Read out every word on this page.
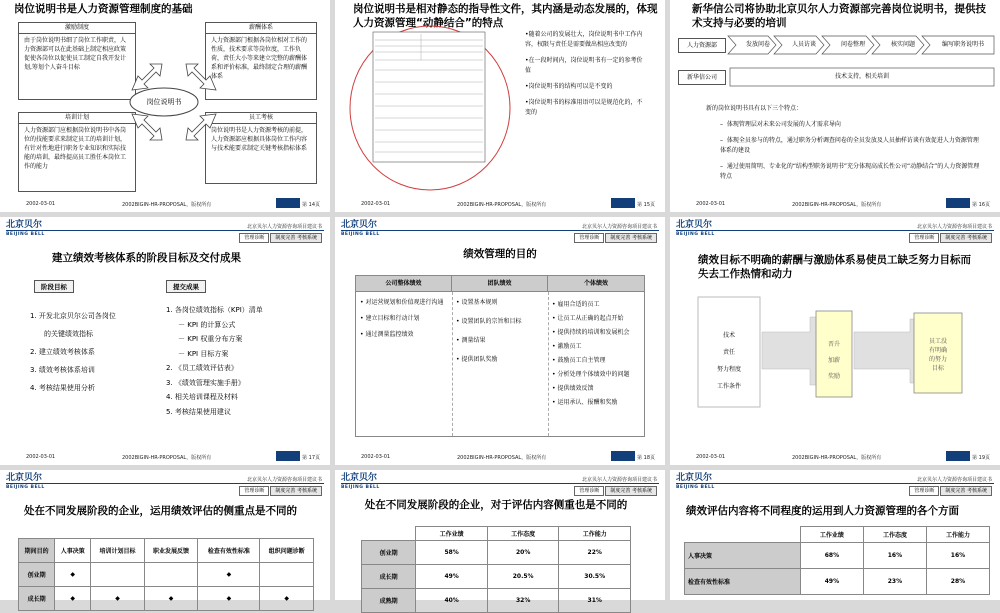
岗位说明书是人力资源管理制度的基础
激励制度
由于岗位说明书细了岗位工作职责，人力资源部可以在此基础上制定相应政策促使各岗位以促使员工制定自我开发计划,筹划个人奋斗目标
薪酬体系
人力资源部门根据各岗位相对工作的性质，技术要求等岗位度，工作负荷，责任大小等来建立完整的薪酬体系和评价标准，最终制定合理的薪酬体系
培训计划
人力资源部门应根据岗位说明书中各岗位的技能要求来制定员工的培训计划，有针对性地进行职务专业知识和实际技能的培训，最终提高员工胜任本岗位工作的能力
员工考核
岗位说明书是人力资源考核的前提，人力资源部应根据具体岗位工作内容与技术能要求制定关键考核指标体系
岗位说明书
2002-03-01	2002BIGIN-HR-PROPOSAL，版权所有	第 14页
岗位说明书是相对静态的指导性文件，其内涵是动态发展的，体现人力资源管理“动静结合”的特点
•随着公司的发展壮大，岗位说明书中工作内容，权限与责任是需要做出相应改变的
•在一段时间内，岗位说明书有一定的参考价值
•岗位说明书的结构可以是不变的
•岗位说明书的标准用语可以是规范化的，不变的
2002-03-01	2002BIGIN-HR-PROPOSAL，版权所有	第 15页
新华信公司将协助北京贝尔人力资源部完善岗位说明书，提供技术支持与必要的培训
人力资源部
新华信公司
发放问卷	人员访谈	问卷整理	核实问题	编写职务说明书
技术支持，相关培训
新的岗位说明书具有以下三个特点：
–  体现管理层对未来公司发展的人才需求导向
–  体现全员参与的特点，通过职务分析调查问卷的全员发放及人员抽样访谈有效促进人力资源管理体系的建设
–  通过使用简明、专业化的“结构型职务说明书”充分体现高成长性公司“动静结合”的人力资源管理特点
2002-03-01	2002BIGIN-HR-PROPOSAL，版权所有	第 16页
北京贝尔
BEIJING BELL
北京贝尔人力资源咨询项目建议书
管理诊断	制度完善 考核系统
建立绩效考核体系的阶段目标及交付成果
阶段目标	提交成果
1. 开发北京贝尔公司各岗位
的关键绩效指标
2. 建立绩效考核体系
3. 绩效考核体系培训
4. 考核结果使用分析
1. 各岗位绩效指标（KPI）清单
－ KPI 的计算公式
－ KPI 权重分布方案
－ KPI 目标方案
2. 《员工绩效评估表》
3. 《绩效管理实施手册》
4. 相关培训课程及材料
5. 考核结果使用建议
2002-03-01	2002BIGIN-HR-PROPOSAL，版权所有	第 17页
北京贝尔
BEIJING BELL
北京贝尔人力资源咨询项目建议书
管理诊断	制度完善 考核系统
绩效管理的目的
公司整体绩效	团队绩效	个体绩效
• 对运营规划和价值观进行沟通
• 建立目标和行动计划
• 通过测量监控绩效
• 设置基本规则
• 设置团队的宗旨和目标
• 测量结果
• 提供团队奖励
• 雇用合适的员工
• 让员工从正确的起点开始
• 提供持续的培训和发展机会
• 激励员工
• 鼓励员工自主管理
• 分析处理个体绩效中的问题
• 提供绩效反馈
• 运用承认、报酬和奖励
2002-03-01	2002BIGIN-HR-PROPOSAL，版权所有	第 18页
北京贝尔
BEIJING BELL
北京贝尔人力资源咨询项目建议书
管理诊断	制度完善 考核系统
绩效目标不明确的薪酬与激励体系易使员工缺乏努力目标而失去工作热情和动力
技术
责任
努力程度
工作条件
晋升
加薪
奖励
员工没
有明确
的努力
目标
2002-03-01	2002BIGIN-HR-PROPOSAL，版权所有	第 19页
北京贝尔
BEIJING BELL
北京贝尔人力资源咨询项目建议书
管理诊断	制度完善 考核系统
处在不同发展阶段的企业，运用绩效评估的侧重点是不同的
期间目的	人事决策	培训计划目标	职业发展反馈	检查有效性标准	组织问题诊断
创业期	◆			◆	
成长期	◆	◆	◆	◆	◆
北京贝尔
BEIJING BELL
北京贝尔人力资源咨询项目建议书
管理诊断	制度完善 考核系统
处在不同发展阶段的企业，对于评估内容侧重也是不同的
	工作业绩	工作态度	工作能力
创业期	58%	20%	22%
成长期	49%	20.5%	30.5%
成熟期	40%	32%	31%
北京贝尔
BEIJING BELL
北京贝尔人力资源咨询项目建议书
管理诊断	制度完善 考核系统
绩效评估内容将不同程度的运用到人力资源管理的各个方面
	工作业绩	工作态度	工作能力
人事决策	68%	16%	16%
检查有效性标准	49%	23%	28%
